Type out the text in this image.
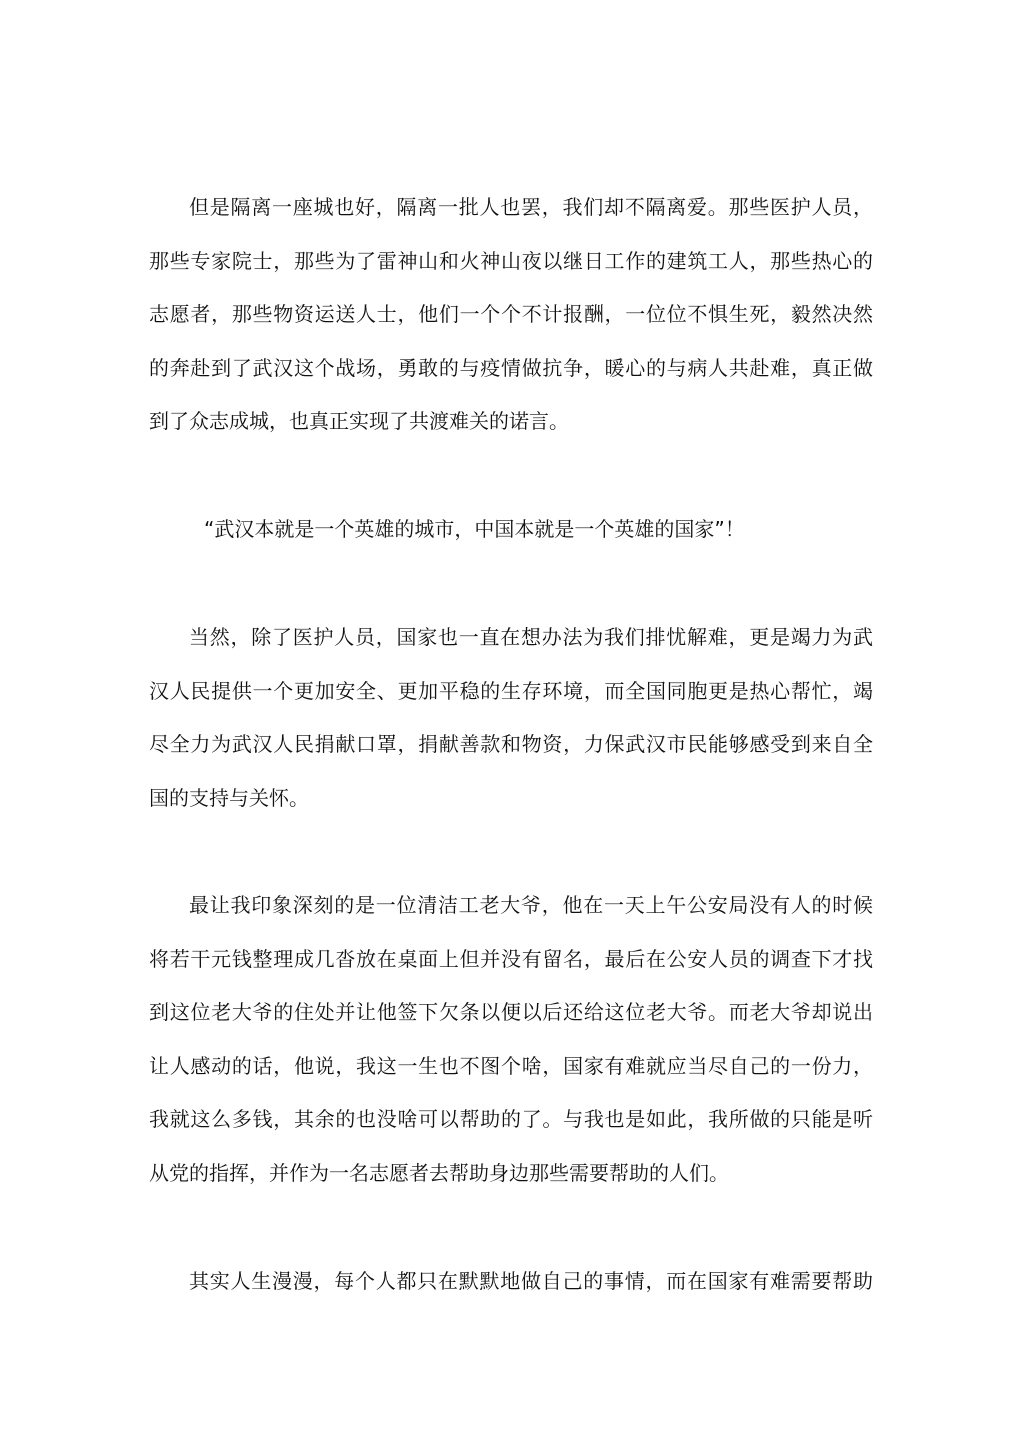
但是隔离一座城也好，隔离一批人也罢，我们却不隔离爱。那些医护人员，
那些专家院士，那些为了雷神山和火神山夜以继日工作的建筑工人，那些热心的
志愿者，那些物资运送人士，他们一个个不计报酬，一位位不惧生死，毅然决然
的奔赴到了武汉这个战场，勇敢的与疫情做抗争，暖心的与病人共赴难，真正做
到了众志成城，也真正实现了共渡难关的诺言。
“武汉本就是一个英雄的城市，中国本就是一个英雄的国家”！
当然，除了医护人员，国家也一直在想办法为我们排忧解难，更是竭力为武
汉人民提供一个更加安全、更加平稳的生存环境，而全国同胞更是热心帮忙，竭
尽全力为武汉人民捐献口罩，捐献善款和物资，力保武汉市民能够感受到来自全
国的支持与关怀。
最让我印象深刻的是一位清洁工老大爷，他在一天上午公安局没有人的时候
将若干元钱整理成几沓放在桌面上但并没有留名，最后在公安人员的调查下才找
到这位老大爷的住处并让他签下欠条以便以后还给这位老大爷。而老大爷却说出
让人感动的话，他说，我这一生也不图个啥，国家有难就应当尽自己的一份力，
我就这么多钱，其余的也没啥可以帮助的了。与我也是如此，我所做的只能是听
从党的指挥，并作为一名志愿者去帮助身边那些需要帮助的人们。
其实人生漫漫，每个人都只在默默地做自己的事情，而在国家有难需要帮助
